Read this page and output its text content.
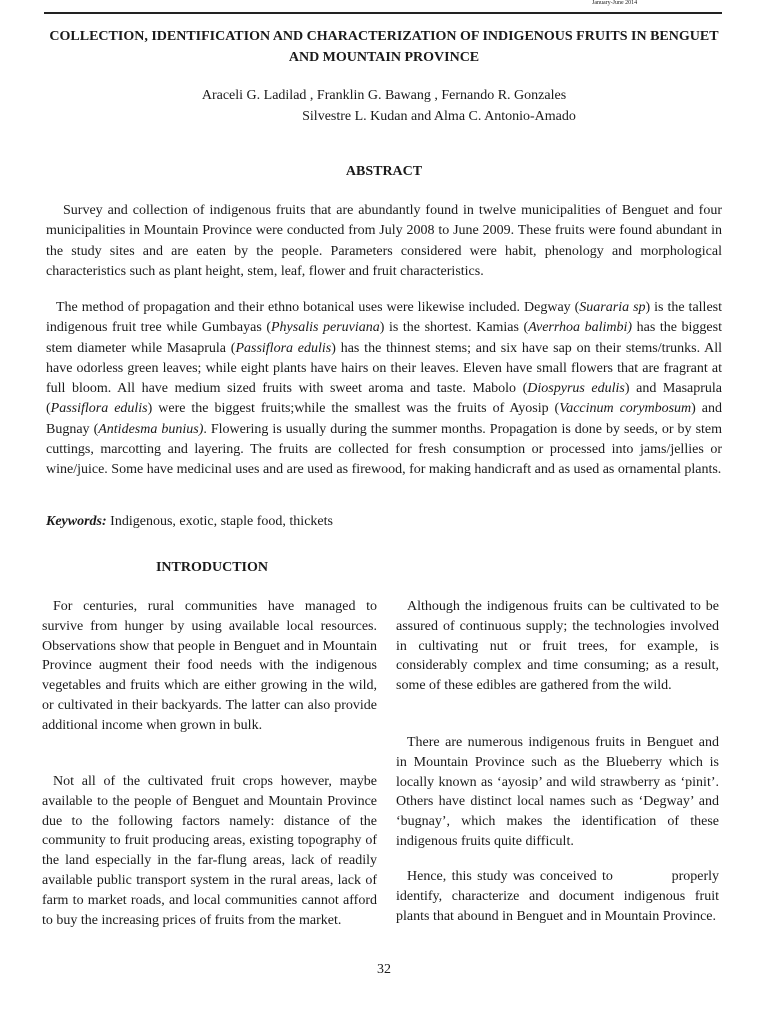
January-June 2014
COLLECTION, IDENTIFICATION AND CHARACTERIZATION OF INDIGENOUS FRUITS IN BENGUET AND MOUNTAIN PROVINCE
Araceli G. Ladilad , Franklin G. Bawang , Fernando R. Gonzales
Silvestre L. Kudan and Alma C. Antonio-Amado
ABSTRACT

Survey and collection of indigenous fruits that are abundantly found in twelve municipalities of Benguet and four municipalities in Mountain Province were conducted from July 2008 to June 2009. These fruits were found abundant in the study sites and are eaten by the people. Parameters considered were habit, phenology and morphological characteristics such as plant height, stem, leaf, flower and fruit characteristics.

The method of propagation and their ethno botanical uses were likewise included. Degway (Suararia sp) is the tallest indigenous fruit tree while Gumbayas (Physalis peruviana) is the shortest. Kamias (Averrhoa balimbi) has the biggest stem diameter while Masaprula (Passiflora edulis) has the thinnest stems; and six have sap on their stems/trunks. All have odorless green leaves; while eight plants have hairs on their leaves. Eleven have small flowers that are fragrant at full bloom. All have medium sized fruits with sweet aroma and taste. Mabolo (Diospyrus edulis) and Masaprula (Passiflora edulis) were the biggest fruits;while the smallest was the fruits of Ayosip (Vaccinum corymbosum) and Bugnay (Antidesma bunius). Flowering is usually during the summer months. Propagation is done by seeds, or by stem cuttings, marcotting and layering. The fruits are collected for fresh consumption or processed into jams/jellies or wine/juice. Some have medicinal uses and are used as firewood, for making handicraft and as used as ornamental plants.

Keywords: Indigenous, exotic, staple food, thickets
INTRODUCTION

For centuries, rural communities have managed to survive from hunger by using available local resources. Observations show that people in Benguet and in Mountain Province augment their food needs with the indigenous vegetables and fruits which are either growing in the wild, or cultivated in their backyards. The latter can also provide additional income when grown in bulk.

Not all of the cultivated fruit crops however, maybe available to the people of Benguet and Mountain Province due to the following factors namely: distance of the community to fruit producing areas, existing topography of the land especially in the far-flung areas, lack of readily available public transport system in the rural areas, lack of farm to market roads, and local communities cannot afford to buy the increasing prices of fruits from the market.

Although the indigenous fruits can be cultivated to be assured of continuous supply; the technologies involved in cultivating nut or fruit trees, for example, is considerably complex and time consuming; as a result, some of these edibles are gathered from the wild.

There are numerous indigenous fruits in Benguet and in Mountain Province such as the Blueberry which is locally known as ‘ayosip’ and wild strawberry as ‘pinit’. Others have distinct local names such as ‘Degway’ and ‘bugnay’, which makes the identification of these indigenous fruits quite difficult.

Hence, this study was conceived to           properly identify, characterize and document indigenous fruit plants that abound in Benguet and in Mountain Province.

32
